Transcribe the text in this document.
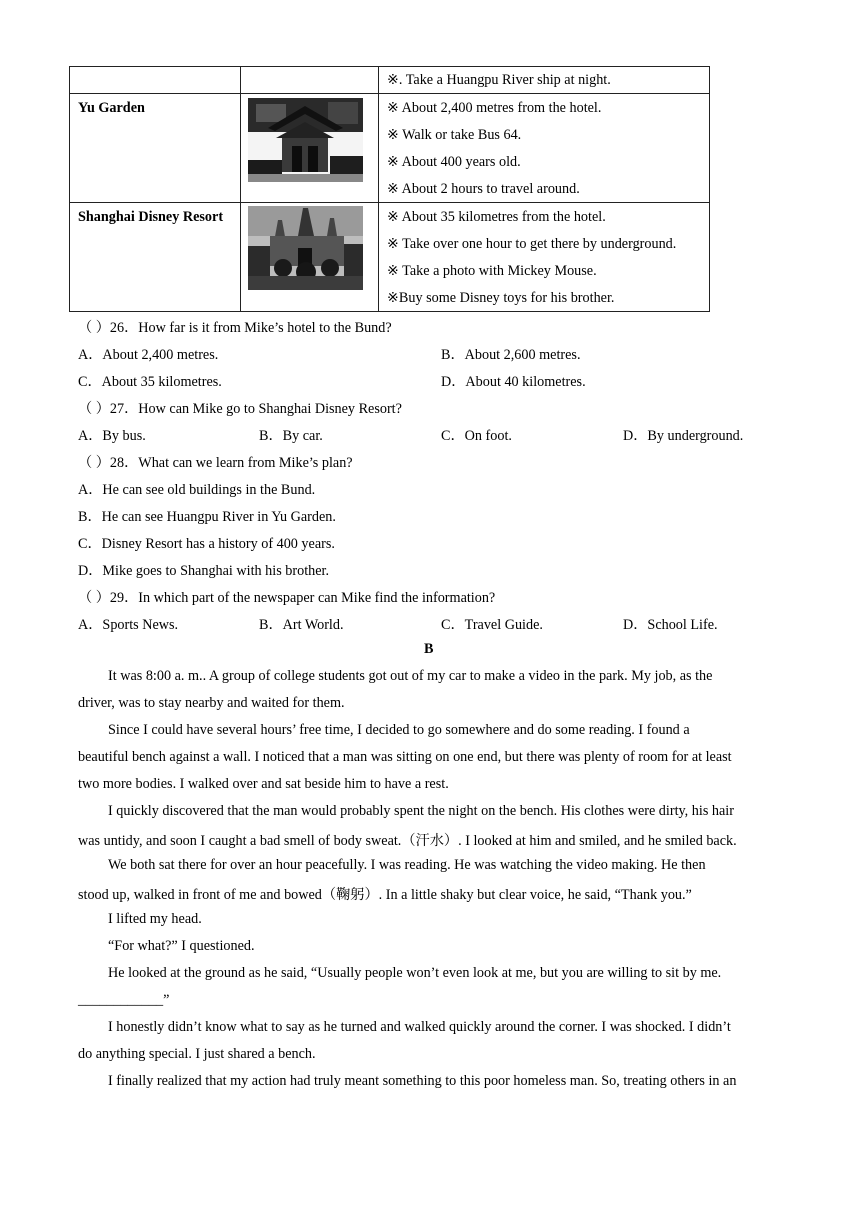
※. Take a Huangpu River ship at night.
Yu Garden	※ About 2,400 metres from the hotel.
※ Walk or take Bus 64.
※ About 400 years old.
※ About 2 hours to travel around.
Shanghai Disney Resort	※ About 35 kilometres from the hotel.
※ Take over one hour to get there by underground.
※ Take a photo with Mickey Mouse.
※Buy some Disney toys for his brother.
（ ）26．How far is it from Mike’s hotel to the Bund?
A．About 2,400 metres.	B．About 2,600 metres.
C．About 35 kilometres.	D．About 40 kilometres.
（ ）27．How can Mike go to Shanghai Disney Resort?
A．By bus.	B．By car.	C．On foot.	D．By underground.
（ ）28．What can we learn from Mike’s plan?
A．He can see old buildings in the Bund.
B．He can see Huangpu River in Yu Garden.
C．Disney Resort has a history of 400 years.
D．Mike goes to Shanghai with his brother.
（ ）29．In which part of the newspaper can Mike find the information?
A．Sports News.	B．Art World.	C．Travel Guide.	D．School Life.
B
It was 8:00 a. m.. A group of college students got out of my car to make a video in the park. My job, as the
driver, was to stay nearby and waited for them.
Since I could have several hours’ free time, I decided to go somewhere and do some reading. I found a
beautiful bench against a wall. I noticed that a man was sitting on one end, but there was plenty of room for at least
two more bodies. I walked over and sat beside him to have a rest.
I quickly discovered that the man would probably spent the night on the bench. His clothes were dirty, his hair
was untidy, and soon I caught a bad smell of body sweat.（汗水）. I looked at him and smiled, and he smiled back.
We both sat there for over an hour peacefully. I was reading. He was watching the video making. He then
stood up, walked in front of me and bowed（鞠躬）. In a little shaky but clear voice, he said, “Thank you.”
I lifted my head.
“For what?” I questioned.
He looked at the ground as he said, “Usually people won’t even look at me, but you are willing to sit by me.
____________”
I honestly didn’t know what to say as he turned and walked quickly around the corner. I was shocked. I didn’t
do anything special. I just shared a bench.
I finally realized that my action had truly meant something to this poor homeless man. So, treating others in an
